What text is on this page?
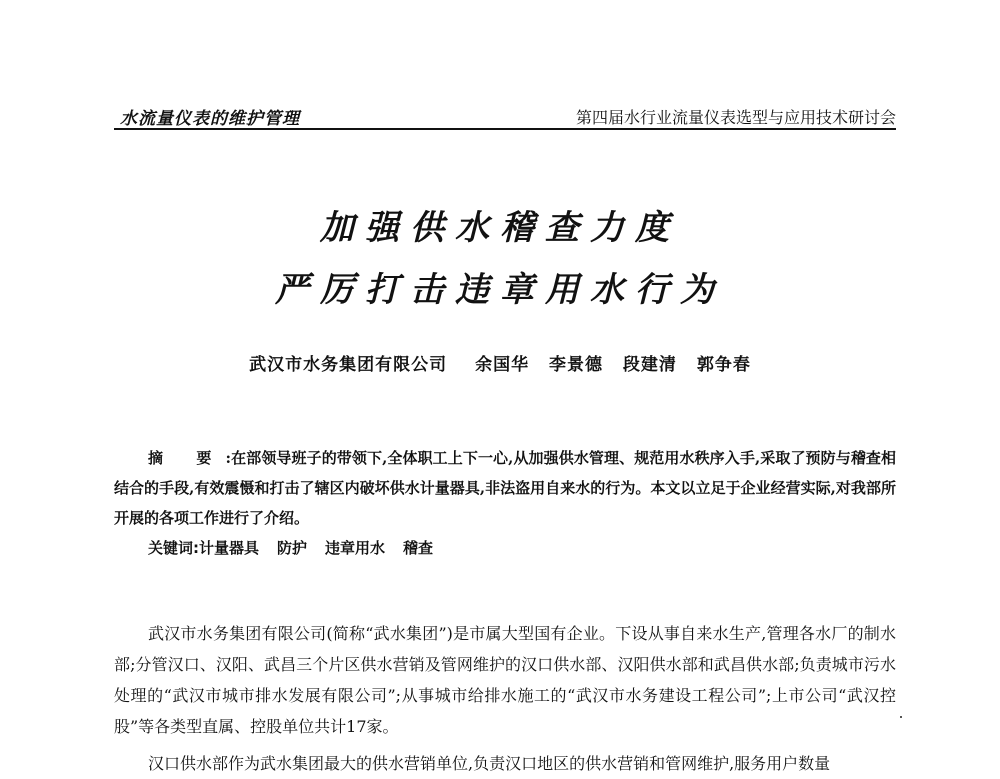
水流量仪表的维护管理	第四届水行业流量仪表选型与应用技术研讨会
加强供水稽查力度
严厉打击违章用水行为
武汉市水务集团有限公司 余国华 李景德 段建清 郭争春

摘 要:在部领导班子的带领下,全体职工上下一心,从加强供水管理、规范用水秩序入手,采取了预防与稽查相结合的手段,有效震慑和打击了辖区内破坏供水计量器具,非法盗用自来水的行为。本文以立足于企业经营实际,对我部所开展的各项工作进行了介绍。

关键词:计量器具 防护 违章用水 稽查

武汉市水务集团有限公司(简称“武水集团”)是市属大型国有企业。下设从事自来水生产,管理各水厂的制水部;分管汉口、汉阳、武昌三个片区供水营销及管网维护的汉口供水部、汉阳供水部和武昌供水部;负责城市污水处理的“武汉市城市排水发展有限公司”;从事城市给排水施工的“武汉市水务建设工程公司”;上市公司“武汉控股”等各类型直属、控股单位共计17家。

汉口供水部作为武水集团最大的供水营销单位,负责汉口地区的供水营销和管网维护,服务用户数量
